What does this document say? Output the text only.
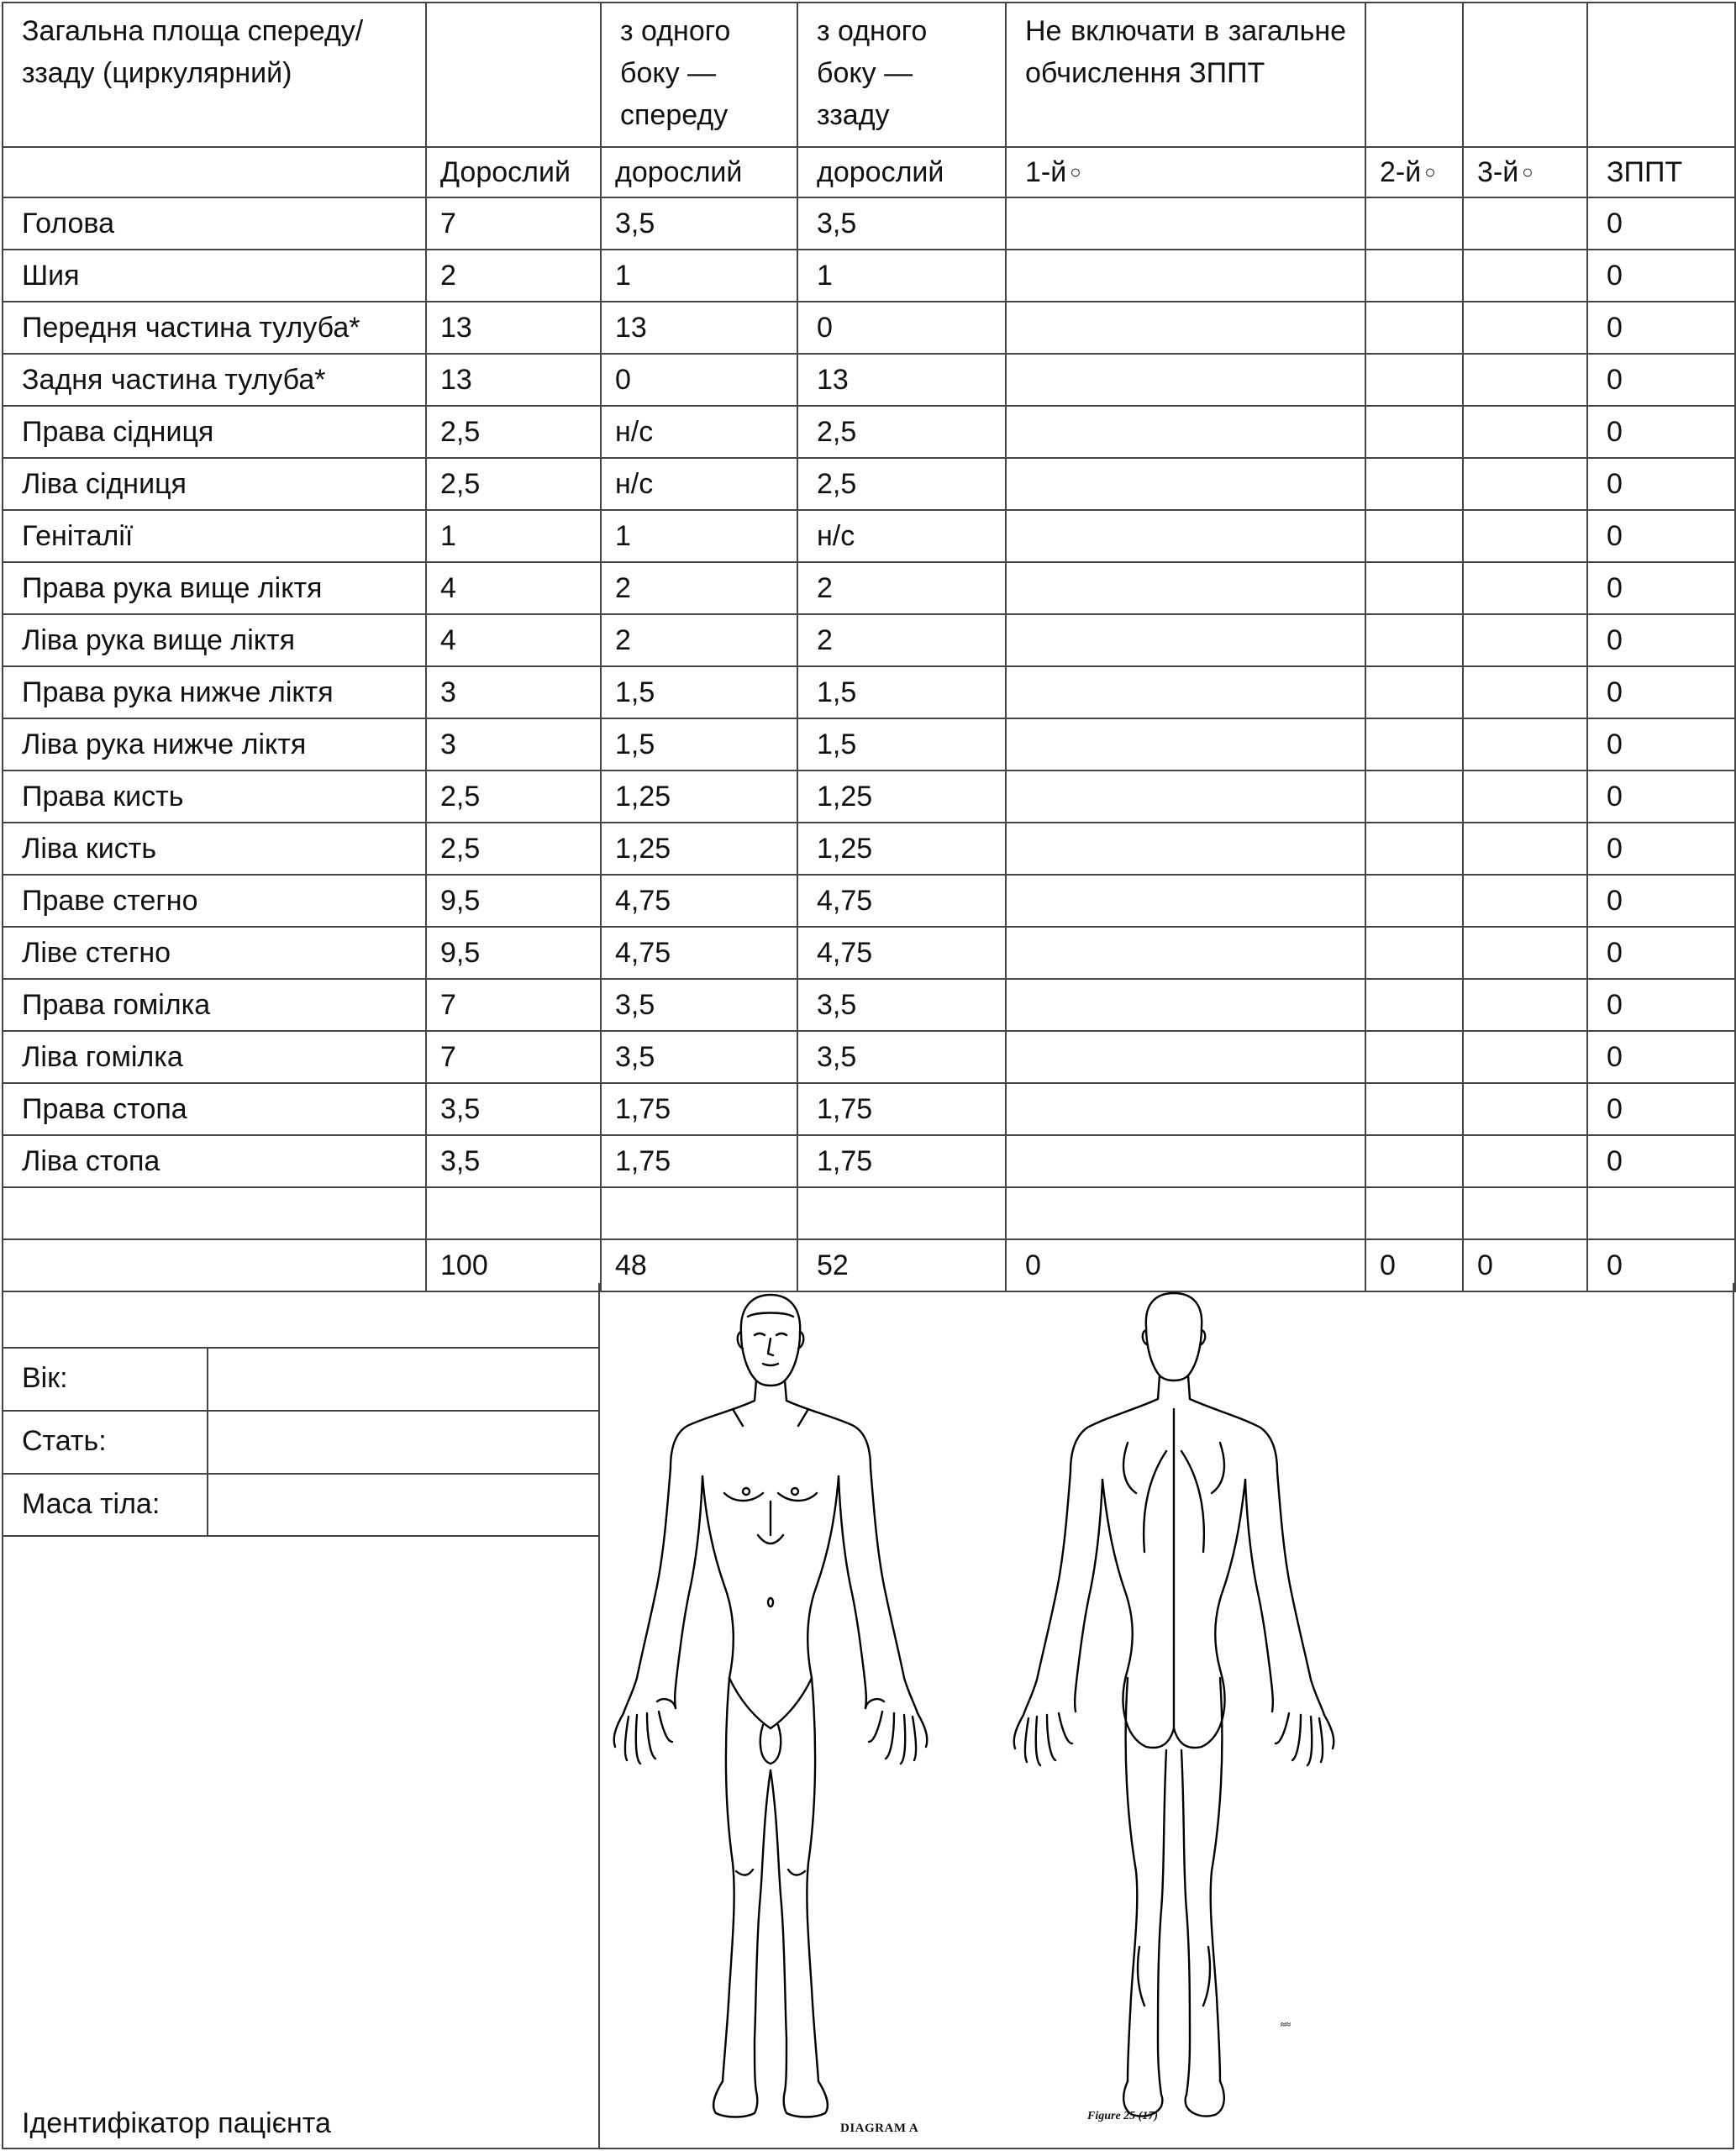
Загальна площа спереду/ззаду (циркулярний)		з одного боку — спереду	з одного боку — ззаду	Не включати в загальне обчислення ЗППТ			
	Дорослий	дорослий	дорослий	1-й ○	2-й ○	3-й ○	ЗППТ
Голова	7	3,5	3,5				0
Шия	2	1	1				0
Передня частина тулуба*	13	13	0				0
Задня частина тулуба*	13	0	13				0
Права сідниця	2,5	н/с	2,5				0
Ліва сідниця	2,5	н/с	2,5				0
Геніталії	1	1	н/с				0
Права рука вище ліктя	4	2	2				0
Ліва рука вище ліктя	4	2	2				0
Права рука нижче ліктя	3	1,5	1,5				0
Ліва рука нижче ліктя	3	1,5	1,5				0
Права кисть	2,5	1,25	1,25				0
Ліва кисть	2,5	1,25	1,25				0
Праве стегно	9,5	4,75	4,75				0
Ліве стегно	9,5	4,75	4,75				0
Права гомілка	7	3,5	3,5				0
Ліва гомілка	7	3,5	3,5				0
Права стопа	3,5	1,75	1,75				0
Ліва стопа	3,5	1,75	1,75				0

	100	48	52	0	0	0	0
Вік:
Стать:
Маса тіла:
Ідентифікатор пацієнта	DIAGRAM A
Figure 25 (17)
≈≈
